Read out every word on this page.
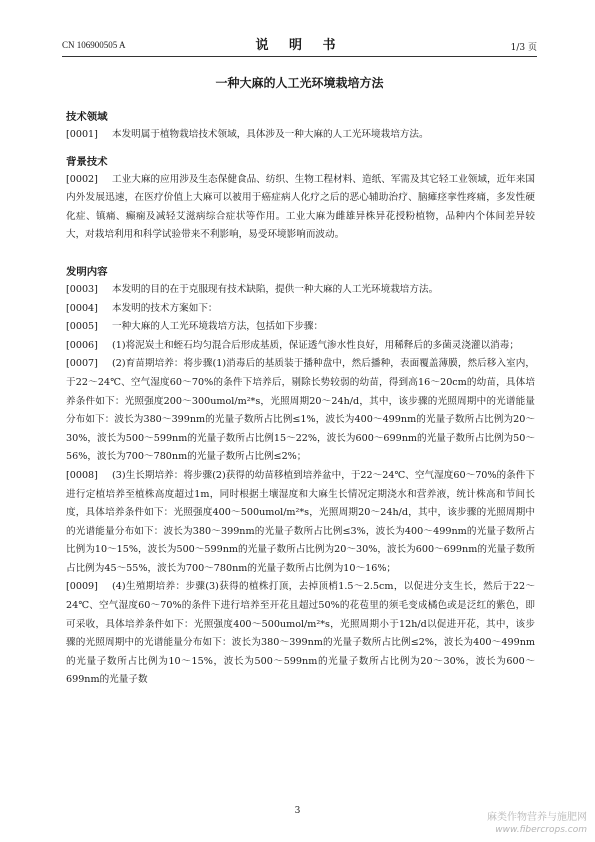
CN 106900505 A	说 明 书	1/3 页
一种大麻的人工光环境栽培方法
技术领域
[0001] 本发明属于植物栽培技术领域，具体涉及一种大麻的人工光环境栽培方法。
背景技术
[0002] 工业大麻的应用涉及生态保健食品、纺织、生物工程材料、造纸、军需及其它轻工业领域，近年来国内外发展迅速，在医疗价值上大麻可以被用于癌症病人化疗之后的恶心辅助治疗、脑瘫痉挛性疼痛，多发性硬化症、镇痛、癫痫及减轻艾滋病综合症状等作用。工业大麻为雌雄异株异花授粉植物，品种内个体间差异较大，对栽培利用和科学试验带来不利影响，易受环境影响而波动。
发明内容
[0003] 本发明的目的在于克服现有技术缺陷，提供一种大麻的人工光环境栽培方法。
[0004] 本发明的技术方案如下：
[0005] 一种大麻的人工光环境栽培方法，包括如下步骤：
[0006] (1)将泥炭土和蛭石均匀混合后形成基质，保证透气渗水性良好，用稀释后的多菌灵浇灌以消毒；
[0007] (2)育苗期培养：将步骤(1)消毒后的基质装于播种盘中，然后播种，表面覆盖薄膜，然后移入室内，于22～24℃、空气湿度60～70%的条件下培养后，剔除长势较弱的幼苗，得到高16～20cm的幼苗，具体培养条件如下：光照强度200～300umol/m²*s，光照周期20～24h/d，其中，该步骤的光照周期中的光谱能量分布如下：波长为380～399nm的光量子数所占比例≤1%，波长为400～499nm的光量子数所占比例为20～30%，波长为500～599nm的光量子数所占比例15～22%，波长为600～699nm的光量子数所占比例为50～56%，波长为700～780nm的光量子数所占比例≤2%；
[0008] (3)生长期培养：将步骤(2)获得的幼苗移植到培养盆中，于22～24℃、空气湿度60～70%的条件下进行定植培养至植株高度超过1m，同时根据土壤湿度和大麻生长情况定期浇水和营养液，统计株高和节间长度，具体培养条件如下：光照强度400～500umol/m²*s，光照周期20～24h/d，其中，该步骤的光照周期中的光谱能量分布如下：波长为380～399nm的光量子数所占比例≤3%，波长为400～499nm的光量子数所占比例为10～15%，波长为500～599nm的光量子数所占比例为20～30%，波长为600～699nm的光量子数所占比例为45～55%，波长为700～780nm的光量子数所占比例为10～16%；
[0009] (4)生殖期培养：步骤(3)获得的植株打顶，去掉顶梢1.5～2.5cm，以促进分支生长，然后于22～24℃、空气湿度60～70%的条件下进行培养至开花且超过50%的花苞里的须毛变成橘色或是泛红的紫色，即可采收，具体培养条件如下：光照强度400～500umol/m²*s，光照周期小于12h/d以促进开花，其中，该步骤的光照周期中的光谱能量分布如下：波长为380～399nm的光量子数所占比例≤2%，波长为400～499nm的光量子数所占比例为10～15%，波长为500～599nm的光量子数所占比例为20～30%，波长为600～699nm的光量子数
3
麻类作物营养与施肥网
www.fibercrops.com
